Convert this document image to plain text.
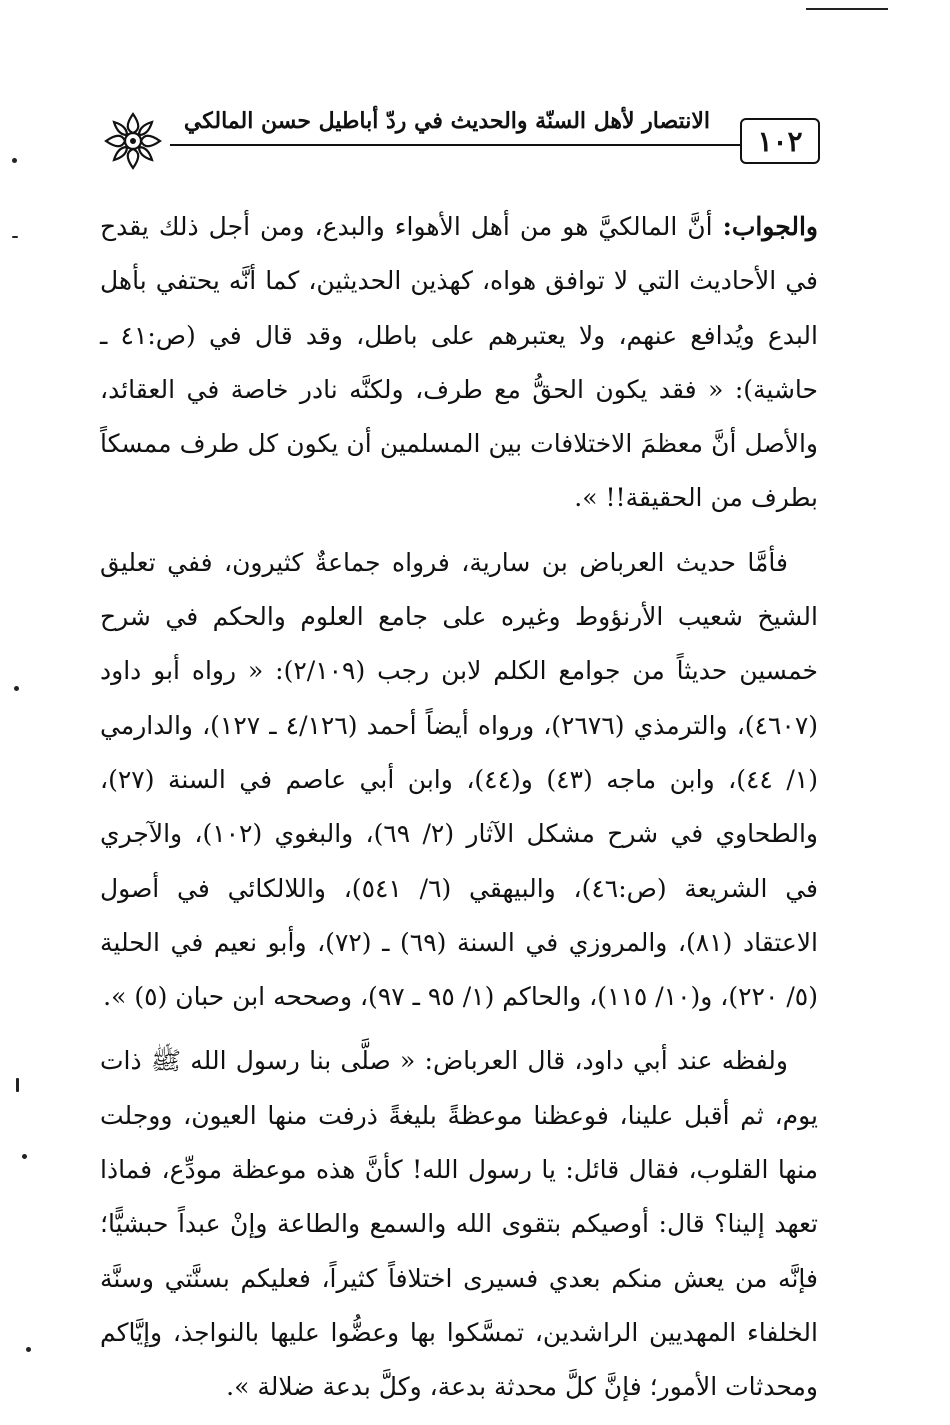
١٠٢
الانتصار لأهل السنّة والحديث في ردّ أباطيل حسن المالكي

والجواب: أنَّ المالكيَّ هو من أهل الأهواء والبدع، ومن أجل ذلك يقدح في الأحاديث التي لا توافق هواه، كهذين الحديثين، كما أنَّه يحتفي بأهل البدع ويُدافع عنهم، ولا يعتبرهم على باطل، وقد قال في (ص:٤١ ـ حاشية): « فقد يكون الحقُّ مع طرف، ولكنَّه نادر خاصة في العقائد، والأصل أنَّ معظمَ الاختلافات بين المسلمين أن يكون كل طرف ممسكاً بطرف من الحقيقة!! ».

فأمَّا حديث العرباض بن سارية، فرواه جماعةٌ كثيرون، ففي تعليق الشيخ شعيب الأرنؤوط وغيره على جامع العلوم والحكم في شرح خمسين حديثاً من جوامع الكلم لابن رجب (٢/١٠٩): « رواه أبو داود (٤٦٠٧)، والترمذي (٢٦٧٦)، ورواه أيضاً أحمد (٤/١٢٦ ـ ١٢٧)، والدارمي (١/ ٤٤)، وابن ماجه (٤٣) و(٤٤)، وابن أبي عاصم في السنة (٢٧)، والطحاوي في شرح مشكل الآثار (٢/ ٦٩)، والبغوي (١٠٢)، والآجري في الشريعة (ص:٤٦)، والبيهقي (٦/ ٥٤١)، واللالكائي في أصول الاعتقاد (٨١)، والمروزي في السنة (٦٩) ـ (٧٢)، وأبو نعيم في الحلية (٥/ ٢٢٠)، و(١٠/ ١١٥)، والحاكم (١/ ٩٥ ـ ٩٧)، وصححه ابن حبان (٥) ».

ولفظه عند أبي داود، قال العرباض: « صلَّى بنا رسول الله ﷺ ذات يوم، ثم أقبل علينا، فوعظنا موعظةً بليغةً ذرفت منها العيون، ووجلت منها القلوب، فقال قائل: يا رسول الله! كأنَّ هذه موعظة مودِّع، فماذا تعهد إلينا؟ قال: أوصيكم بتقوى الله والسمع والطاعة وإنْ عبداً حبشيًّا؛ فإنَّه من يعش منكم بعدي فسيرى اختلافاً كثيراً، فعليكم بسنَّتي وسنَّة الخلفاء المهديين الراشدين، تمسَّكوا بها وعضُّوا عليها بالنواجذ، وإيَّاكم ومحدثات الأمور؛ فإنَّ كلَّ محدثة بدعة، وكلَّ بدعة ضلالة ».
